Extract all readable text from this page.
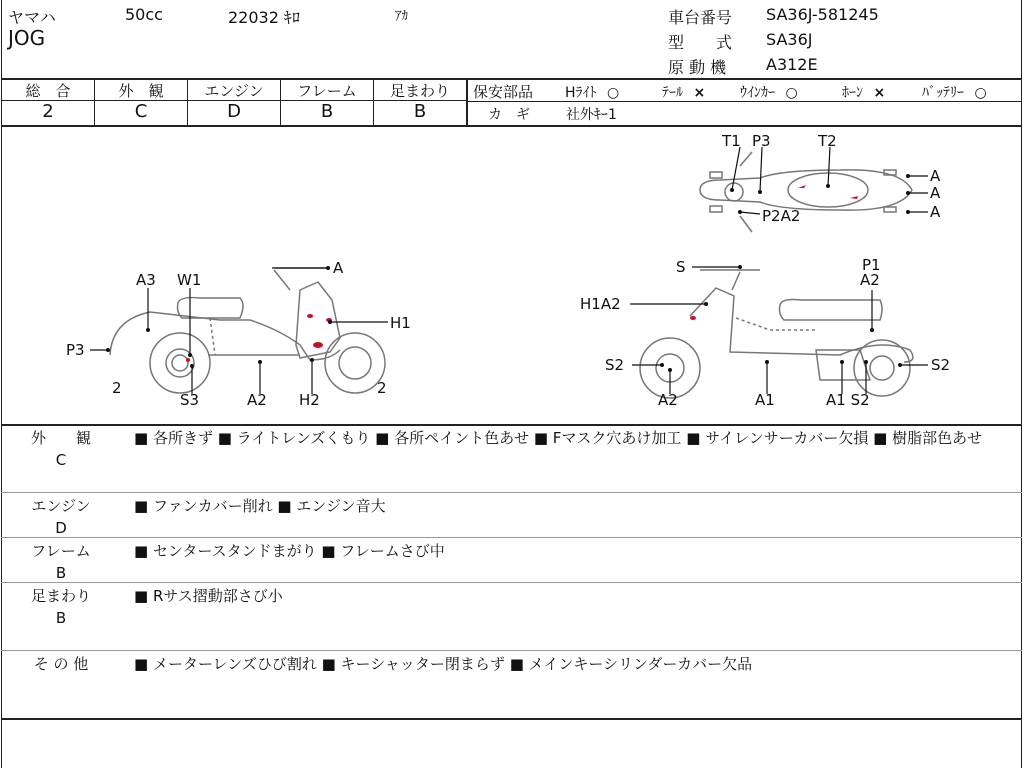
ヤマハ	50cc	22032 ｷﾛ	ｱｶ
JOG
車台番号 SA36J-581245
型　　式 SA36J
原 動 機 A312E
総　合	外　観	エンジン	フレーム	足まわり
2	C	D	B	B
保安部品 Hﾗｲﾄ ○	ﾃｰﾙ × ｳｲﾝｶｰ ○	ﾎｰﾝ ×	ﾊﾞｯﾃﾘｰ ○
カ　ギ	社外ｷｰ1
T1 P3	T2
A
A
A
P2A2
A
A3 W1
H1
P3
2
S3	A2 H2
2
S	P1
A2
H1A2
S2	S2
A2	A1	A1 S2
外　　観
C
■ 各所きず ■ ライトレンズくもり ■ 各所ペイント色あせ ■ Fマスク穴あけ加工 ■ サイレンサーカバー欠損 ■ 樹脂部色あせ
エンジン
D
■ ファンカバー削れ ■ エンジン音大
フレーム
B
■ センタースタンドまがり ■ フレームさび中
足まわり
B
■ Rサス摺動部さび小
そ の 他	■ メーターレンズひび割れ ■ キーシャッター閉まらず ■ メインキーシリンダーカバー欠品
